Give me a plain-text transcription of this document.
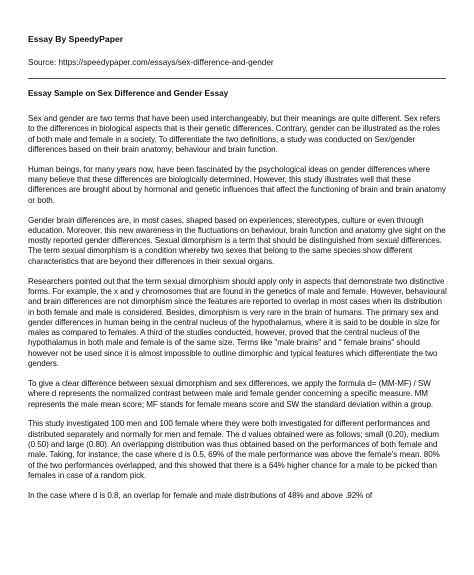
Essay By SpeedyPaper

Source: https://speedypaper.com/essays/sex-difference-and-gender
Essay Sample on Sex Difference and Gender Essay

Sex and gender are two terms that have been used interchangeably, but their meanings are quite different. Sex refers to the differences in biological aspects that is their genetic differences. Contrary, gender can be illustrated as the roles of both male and female in a society. To differentiate the two definitions, a study was conducted on Sex/gender differences based on their brain anatomy, behaviour and brain function.

Human beings, for many years now, have been fascinated by the psychological ideas on gender differences where many believe that these differences are biologically determined. However, this study illustrates well that these differences are brought about by hormonal and genetic influences that affect the functioning of brain and brain anatomy or both.

Gender brain differences are, in most cases, shaped based on experiences, stereotypes, culture or even through education. Moreover, this new awareness in the fluctuations on behaviour, brain function and anatomy give sight on the mostly reported gender differences. Sexual dimorphism is a term that should be distinguished from sexual differences. The term sexual dimorphism is a condition whereby two sexes that belong to the same species show different characteristics that are beyond their differences in their sexual organs.

Researchers pointed out that the term sexual dimorphism should apply only in aspects that demonstrate two distinctive forms. For example, the x and y chromosomes that are found in the genetics of male and female. However, behavioural and brain differences are not dimorphism since the features are reported to overlap in most cases when its distribution in both female and male is considered. Besides, dimorphism is very rare in the brain of humans. The primary sex and gender differences in human being in the central nucleus of the hypothalamus, where it is said to be double in size for males as compared to females. A third of the studies conducted, however, proved that the central nucleus of the hypothalamus in both male and female is of the same size. Terms like "male brains" and " female brains" should however not be used since it is almost impossible to outline dimorphic and typical features which differentiate the two genders.

To give a clear difference between sexual dimorphism and sex differences, we apply the formula d= (MM-MF) / SW where d represents the normalized contrast between male and female gender concerning a specific measure. MM represents the male mean score; MF stands for female means score and SW the standard deviation within a group.

This study investigated 100 men and 100 female where they were both investigated for different performances and distributed separately and normally for men and female. The d values obtained were as follows; small (0.20), medium (0.50) and large (0.80). An overlapping distribution was thus obtained based on the performances of both female and male. Taking, for instance, the case where d is 0.5, 69% of the male performance was above the female's mean. 80% of the two performances overlapped, and this showed that there is a 64% higher chance for a male to be picked than females in case of a random pick.

In the case where d is 0.8, an overlap for female and male distributions of 48% and above .92% of
